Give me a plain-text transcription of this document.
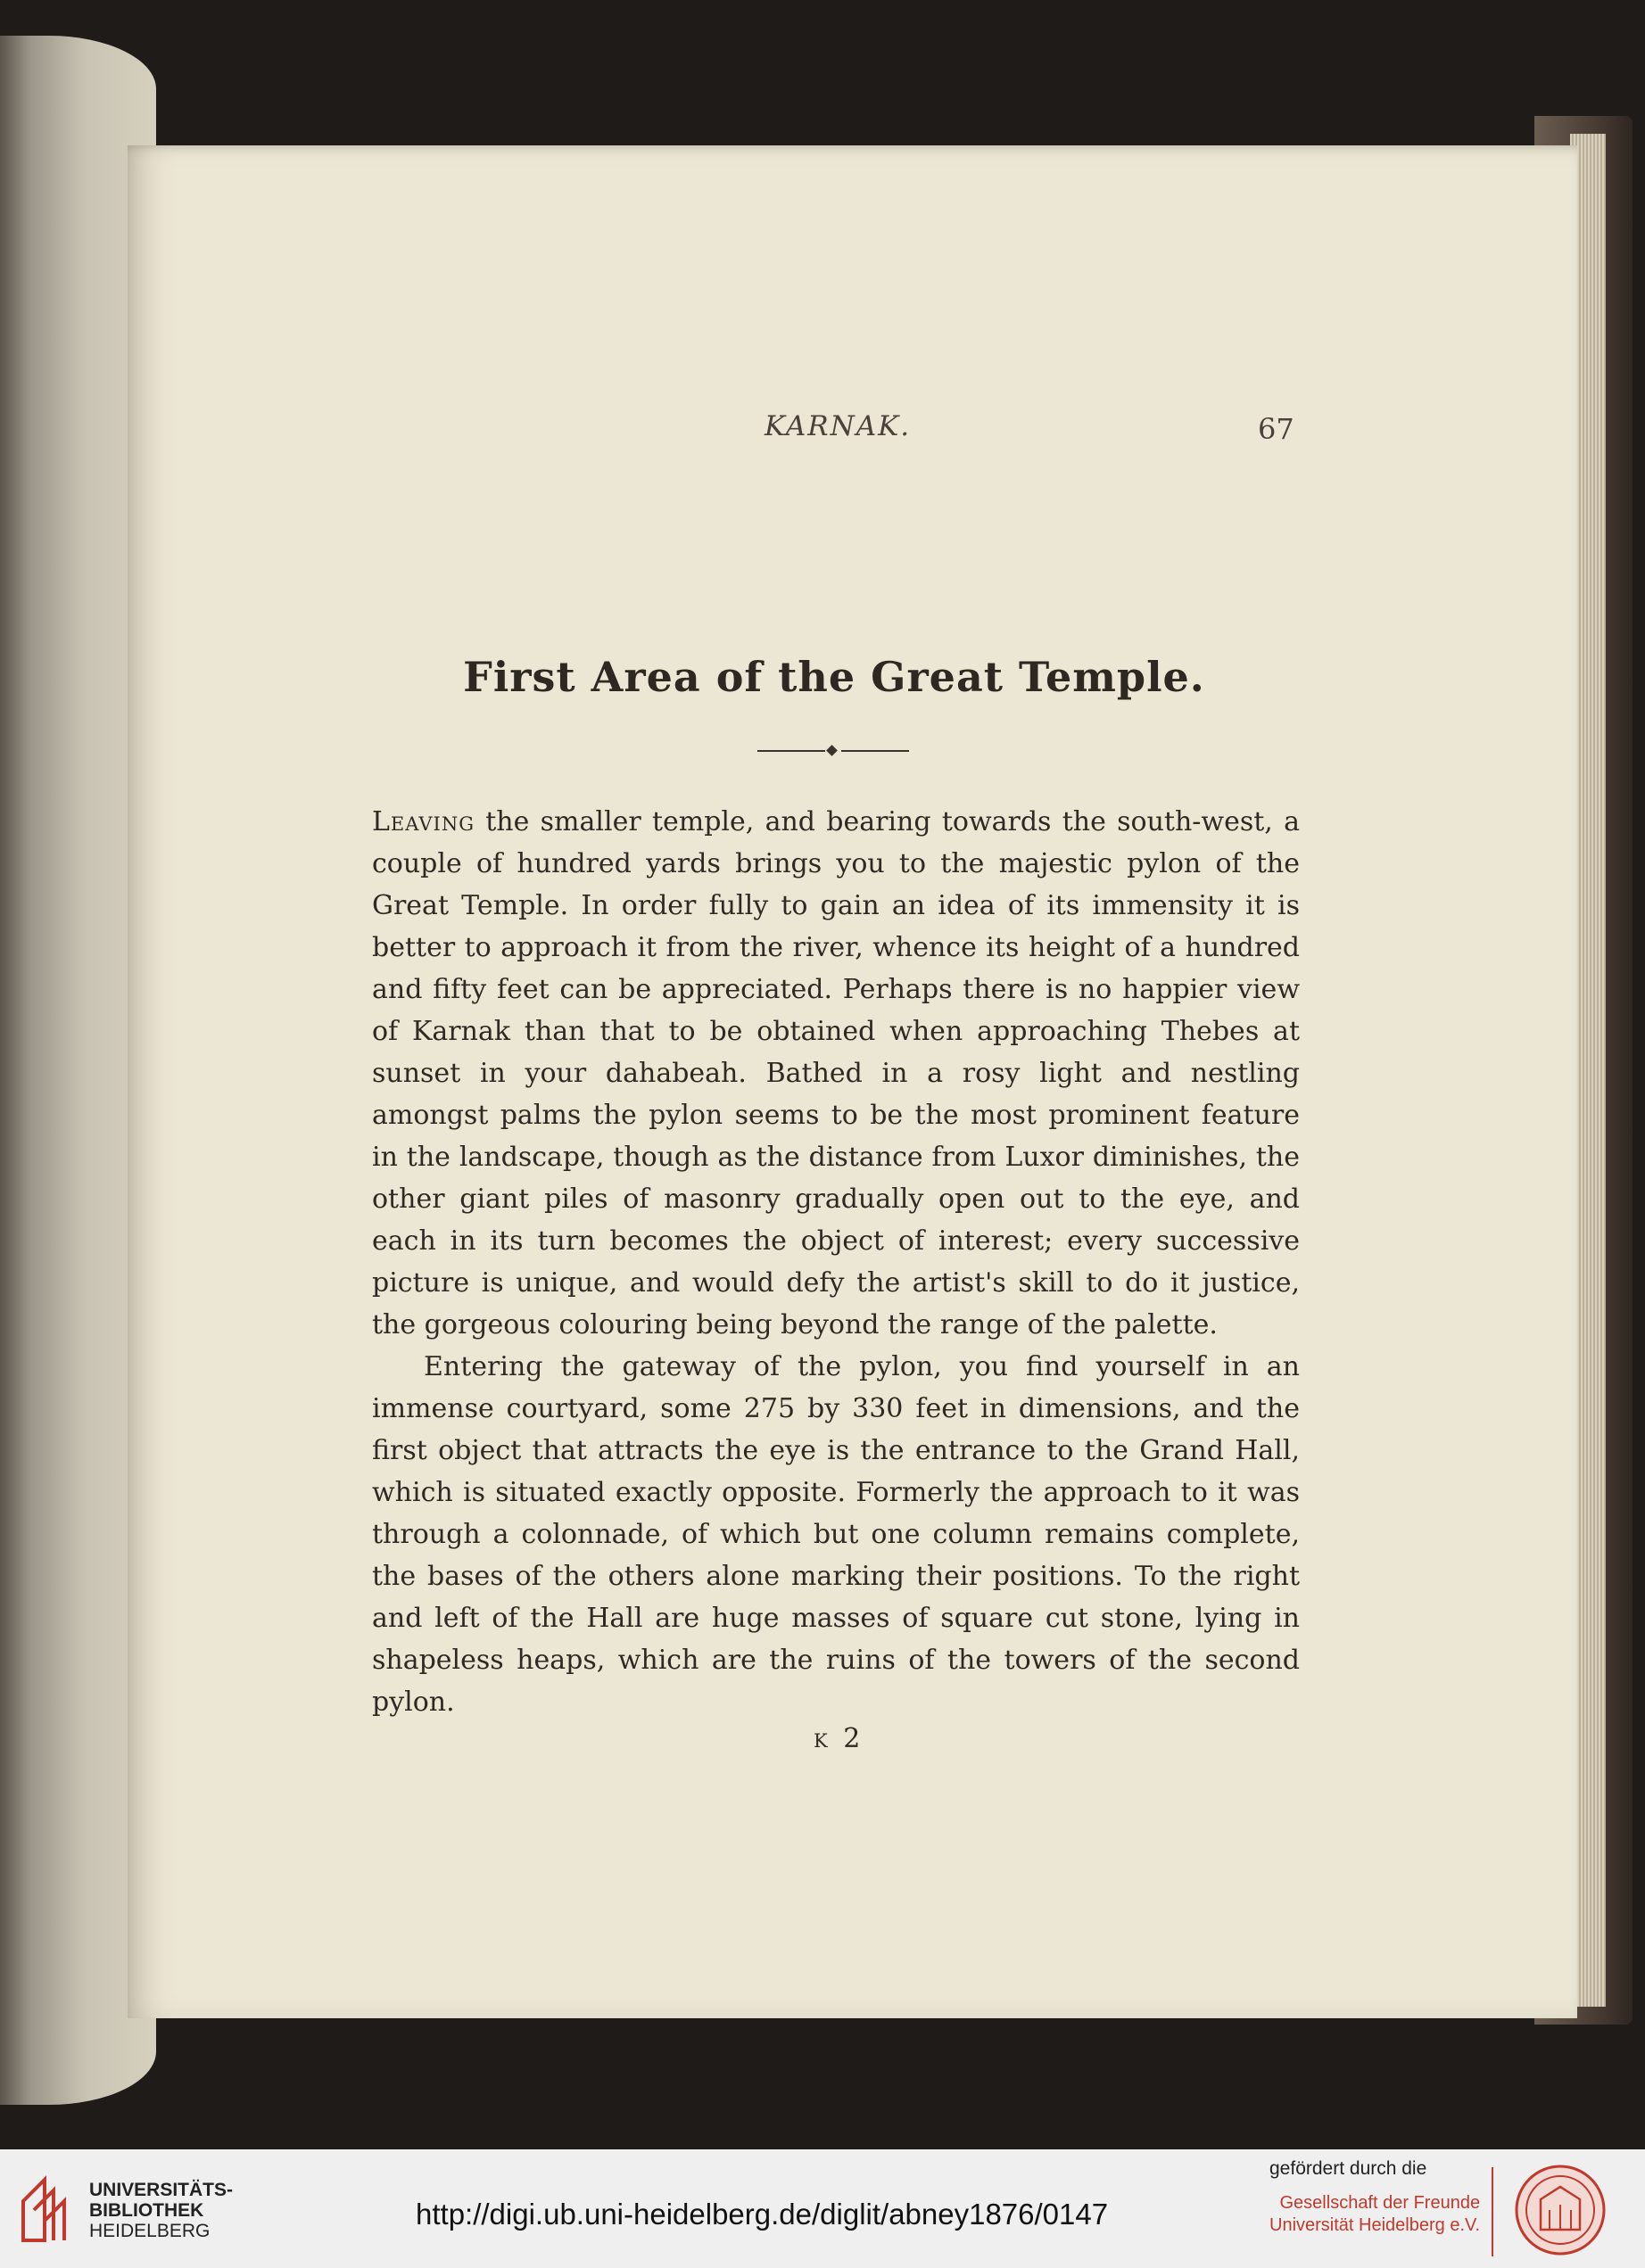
KARNAK.	67
First Area of the Great Temple.

Leaving the smaller temple, and bearing towards the south-west, a couple of hundred yards brings you to the majestic pylon of the Great Temple. In order fully to gain an idea of its immensity it is better to approach it from the river, whence its height of a hundred and fifty feet can be appreciated. Perhaps there is no happier view of Karnak than that to be obtained when approaching Thebes at sunset in your dahabeah. Bathed in a rosy light and nestling amongst palms the pylon seems to be the most prominent feature in the landscape, though as the distance from Luxor diminishes, the other giant piles of masonry gradually open out to the eye, and each in its turn becomes the object of interest; every successive picture is unique, and would defy the artist's skill to do it justice, the gorgeous colouring being beyond the range of the palette.

Entering the gateway of the pylon, you find yourself in an immense courtyard, some 275 by 330 feet in dimensions, and the first object that attracts the eye is the entrance to the Grand Hall, which is situated exactly opposite. Formerly the approach to it was through a colonnade, of which but one column remains complete, the bases of the others alone marking their positions. To the right and left of the Hall are huge masses of square cut stone, lying in shapeless heaps, which are the ruins of the towers of the second pylon.

k 2
UNIVERSITÄTS-
BIBLIOTHEK
HEIDELBERG
http://digi.ub.uni-heidelberg.de/diglit/abney1876/0147
gefördert durch die
Gesellschaft der Freunde
Universität Heidelberg e.V.
